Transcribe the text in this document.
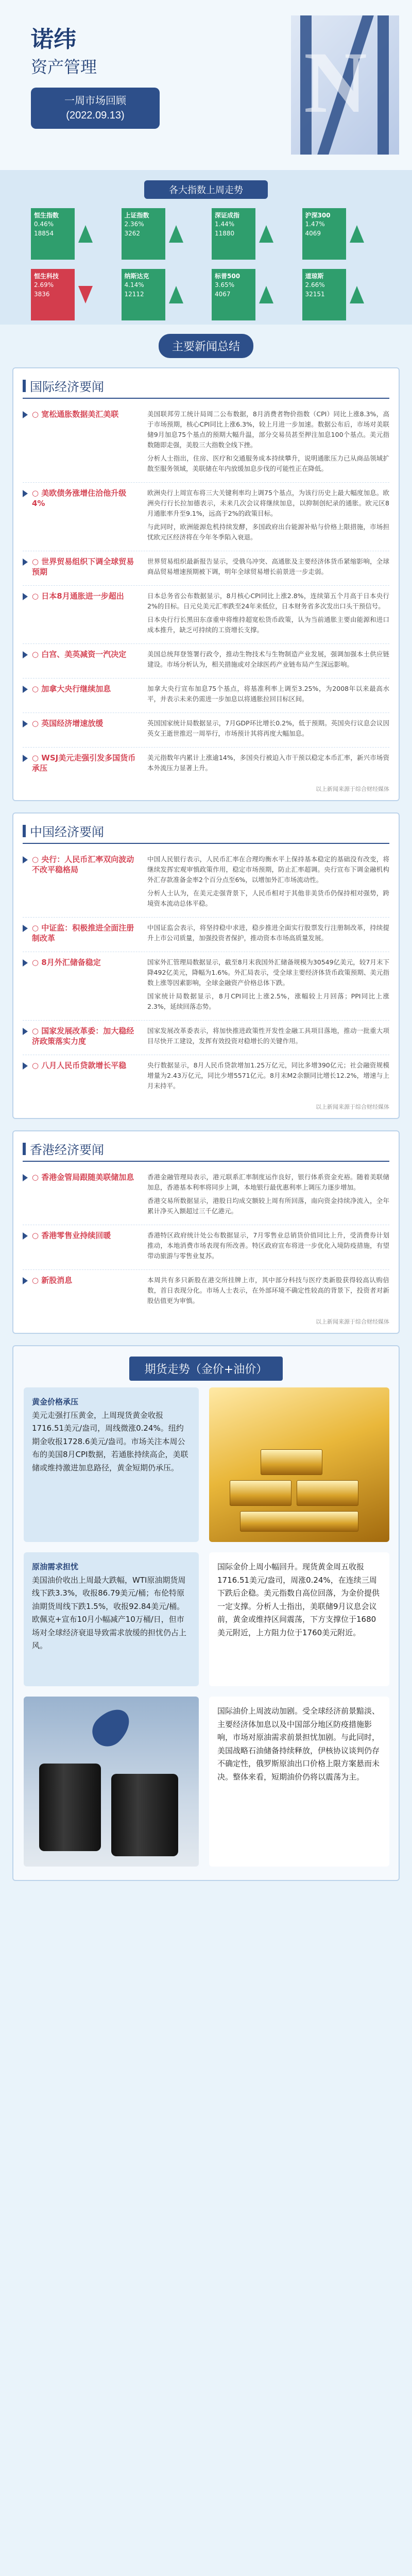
诺纬
资产管理
一周市场回顾
(2022.09.13)	N
各大指数上周走势
恒生指数
0.46%
18854
上证指数
2.36%
3262
深证成指
1.44%
11880
沪深300
1.47%
4069
恒生科技
2.69%
3836
纳斯达克
4.14%
12112
标普500
3.65%
4067
道琼斯
2.66%
32151
主要新闻总结
国际经济要闻
○ 宽松通胀数据美汇美联	美国联邦劳工统计局周二公布数据，8月消费者物价指数（CPI）同比上涨8.3%，高于市场预期，核心CPI同比上涨6.3%，较上月进一步加速。数据公布后，市场对美联储9月加息75个基点的预期大幅升温，部分交易员甚至押注加息100个基点。美元指数随即走强，美股三大指数全线下挫。

分析人士指出，住房、医疗和交通服务成本持续攀升，说明通胀压力已从商品领域扩散至服务领域，美联储在年内放缓加息步伐的可能性正在降低。

○ 美欧债务涨增住洽他升级4%

欧洲央行上周宣布将三大关键利率均上调75个基点，为该行历史上最大幅度加息。欧洲央行行长拉加德表示，未来几次会议将继续加息，以抑制创纪录的通胀。欧元区8月通胀率升至9.1%，远高于2%的政策目标。

与此同时，欧洲能源危机持续发酵，多国政府出台能源补贴与价格上限措施，市场担忧欧元区经济将在今年冬季陷入衰退。

○ 世界贸易组织下调全球贸易预期

世界贸易组织最新报告显示，受俄乌冲突、高通胀及主要经济体货币紧缩影响，全球商品贸易增速预期被下调，明年全球贸易增长前景进一步走弱。

○ 日本8月通胀进一步超出	日本总务省公布数据显示，8月核心CPI同比上涨2.8%，连续第五个月高于日本央行2%的目标。日元兑美元汇率跌至24年来低位，日本财务省多次发出口头干预信号。

日本央行行长黑田东彦重申将维持超宽松货币政策，认为当前通胀主要由能源和进口成本推升，缺乏可持续的工资增长支撑。

○ 白宫、美英减资一汽决定	美国总统拜登签署行政令，推动生物技术与生物制造产业发展，强调加强本土供应链建设。市场分析认为，相关措施或对全球医药产业链布局产生深远影响。

○ 加拿大央行继续加息	加拿大央行宣布加息75个基点，将基准利率上调至3.25%，为2008年以来最高水平，并表示未来仍需进一步加息以将通胀拉回目标区间。

○ 英国经济增速放缓	英国国家统计局数据显示，7月GDP环比增长0.2%，低于预期。英国央行议息会议因英女王逝世推迟一周举行，市场预计其将再度大幅加息。

○ WSJ美元走强引发多国货币承压

美元指数年内累计上涨逾14%，多国央行被迫入市干预以稳定本币汇率，新兴市场资本外流压力显著上升。

以上新闻来源于综合财经媒体
中国经济要闻
○ 央行：人民币汇率双向波动不改平稳格局

中国人民银行表示，人民币汇率在合理均衡水平上保持基本稳定的基础没有改变，将继续发挥宏观审慎政策作用，稳定市场预期，防止汇率超调。央行宣布下调金融机构外汇存款准备金率2个百分点至6%，以增加外汇市场流动性。

分析人士认为，在美元走强背景下，人民币相对于其他非美货币仍保持相对强势，跨境资本流动总体平稳。

○ 中证监：积极推进全面注册制改革

中国证监会表示，将坚持稳中求进，稳步推进全面实行股票发行注册制改革，持续提升上市公司质量，加强投资者保护，推动资本市场高质量发展。

○ 8月外汇储备稳定	国家外汇管理局数据显示，截至8月末我国外汇储备规模为30549亿美元，较7月末下降492亿美元，降幅为1.6%。外汇局表示，受全球主要经济体货币政策预期、美元指数上涨等因素影响，全球金融资产价格总体下跌。

国家统计局数据显示，8月CPI同比上涨2.5%，涨幅较上月回落；PPI同比上涨2.3%，延续回落态势。

○ 国家发展改革委：加大稳经济政策落实力度

国家发展改革委表示，将加快推进政策性开发性金融工具项目落地，推动一批重大项目尽快开工建设，发挥有效投资对稳增长的关键作用。

○ 八月人民币贷款增长平稳	央行数据显示，8月人民币贷款增加1.25万亿元，同比多增390亿元；社会融资规模增量为2.43万亿元，同比少增5571亿元。8月末M2余额同比增长12.2%，增速与上月末持平。

以上新闻来源于综合财经媒体
香港经济要闻
○ 香港金管局跟随美联储加息 香港金融管理局表示，港元联系汇率制度运作良好，银行体系资金充裕。随着美联储加息，香港基本利率将同步上调，本地银行最优惠利率上调压力逐步增加。

香港交易所数据显示，港股日均成交额较上周有所回落，南向资金持续净流入，全年累计净买入额超过三千亿港元。

○ 香港零售业持续回暖	香港特区政府统计处公布数据显示，7月零售业总销货价值同比上升，受消费券计划推动，本地消费市场表现有所改善。特区政府宣布将进一步优化入境防疫措施，有望带动旅游与零售业复苏。

○ 新股消息	本周共有多只新股在港交所挂牌上市，其中部分科技与医疗类新股获得较高认购倍数，首日表现分化。市场人士表示，在外部环境不确定性较高的背景下，投资者对新股估值更为审慎。

以上新闻来源于综合财经媒体
期货走势（金价+油价）
黄金价格承压
美元走强打压黄金，上周现货黄金收报1716.51美元/盎司，周线微涨0.24%。纽约期金收报1728.6美元/盎司。市场关注本周公布的美国8月CPI数据，若通胀持续高企，美联储或维持激进加息路径，黄金短期仍承压。
原油需求担忧
美国油价收出上周最大跌幅，WTI原油期货周线下跌3.3%，收报86.79美元/桶；布伦特原油期货周线下跌1.5%，收报92.84美元/桶。欧佩克+宣布10月小幅减产10万桶/日，但市场对全球经济衰退导致需求放缓的担忧仍占上风。
国际金价上周小幅回升。现货黄金周五收报1716.51美元/盎司，周涨0.24%，在连续三周下跌后企稳。美元指数自高位回落，为金价提供一定支撑。分析人士指出，美联储9月议息会议前，黄金或维持区间震荡，下方支撑位于1680美元附近，上方阻力位于1760美元附近。
国际油价上周波动加剧。受全球经济前景黯淡、主要经济体加息以及中国部分地区防疫措施影响，市场对原油需求前景担忧加剧。与此同时，美国战略石油储备持续释放，伊核协议谈判仍存不确定性，俄罗斯原油出口价格上限方案悬而未决。整体来看，短期油价仍将以震荡为主。
